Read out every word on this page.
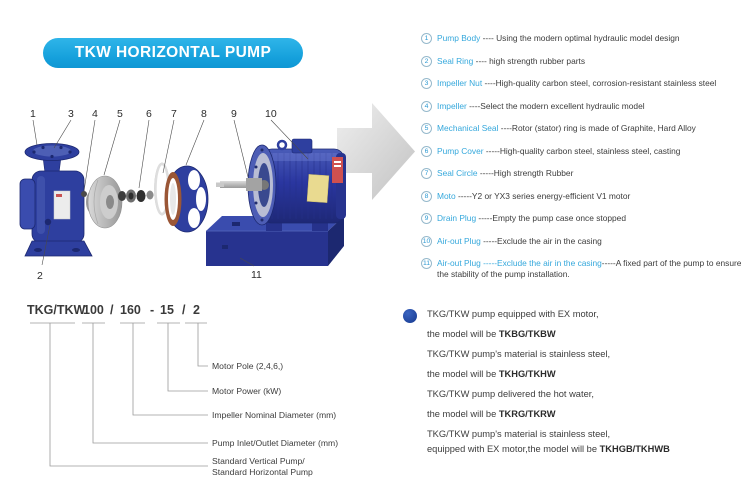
TKW HORIZONTAL PUMP
1	3 4 5 6 7 8 9	10
2	11
1	Pump Body ---- Using the modern optimal hydraulic model design
2	Seal Ring ---- high strength rubber parts
3	Impeller Nut ----High-quality carbon steel, corrosion-resistant stainless steel
4	Impeller ----Select the modern excellent hydraulic model
5	Mechanical Seal ----Rotor (stator) ring is made of Graphite, Hard Alloy
6	Pump Cover -----High-quality carbon steel, stainless steel, casting
7	Seal Circle -----High strength Rubber
8	Moto -----Y2 or YX3 series energy-efficient V1 motor
9	Drain Plug -----Empty the pump case once stopped
10 Air-out Plug -----Exclude the air in the casing
11 Air-out Plug -----Exclude the air in the casing-----A fixed part of the pump to ensure the stability of the pump installation.
TKG/TKW
100 / 160 - 15 / 2
Motor Pole (2,4,6,)
Motor Power (kW)
Impeller Nominal Diameter (mm)
Pump Inlet/Outlet Diameter (mm)
Standard Vertical Pump/
Standard Horizontal Pump
TKG/TKW pump equipped with EX motor,
the model will be TKBG/TKBW
TKG/TKW pump's material is stainless steel,
the model will be TKHG/TKHW
TKG/TKW pump delivered the hot water,
the model will be TKRG/TKRW
TKG/TKW pump's material is stainless steel,
equipped with EX motor,the model will be TKHGB/TKHWB
